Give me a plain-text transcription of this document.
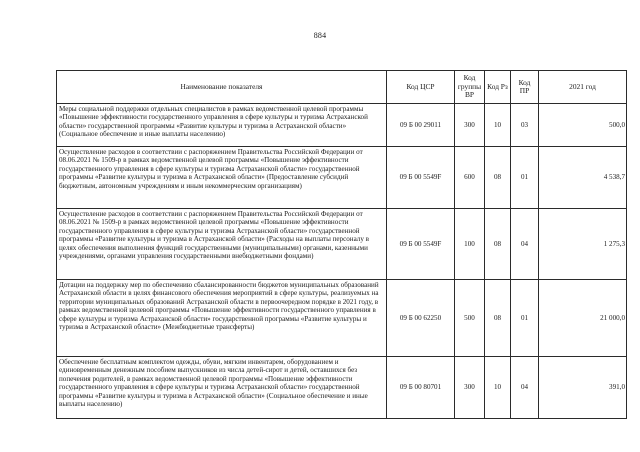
884
Наименование показателя	Код ЦСР	Код группы ВР	Код Рз	Код ПР	2021 год
Меры социальной поддержки отдельных специалистов в рамках ведомственной целевой программы «Повышение эффективности государственного управления в сфере культуры и туризма Астраханской области» государственной программы «Развитие культуры и туризма в Астраханской области» (Социальное обеспечение и иные выплаты населению)	09 Б 00 29011	300	10	03	500,0
Осуществление расходов в соответствии с распоряжением Правительства Российской Федерации от 08.06.2021 № 1509-р в рамках ведомственной целевой программы «Повышение эффективности государственного управления в сфере культуры и туризма Астраханской области» государственной программы «Развитие культуры и туризма в Астраханской области» (Предоставление субсидий бюджетным, автономным учреждениям и иным некоммерческим организациям)	09 Б 00 5549F	600	08	01	4 538,7
Осуществление расходов в соответствии с распоряжением Правительства Российской Федерации от 08.06.2021 № 1509-р в рамках ведомственной целевой программы «Повышение эффективности государственного управления в сфере культуры и туризма Астраханской области» государственной программы «Развитие культуры и туризма в Астраханской области» (Расходы на выплаты персоналу в целях обеспечения выполнения функций государственными (муниципальными) органами, казенными учреждениями, органами управления государственными внебюджетными фондами)	09 Б 00 5549F	100	08	04	1 275,3
Дотации на поддержку мер по обеспечению сбалансированности бюджетов муниципальных образований Астраханской области в целях финансового обеспечения мероприятий в сфере культуры, реализуемых на территории муниципальных образований Астраханской области в первоочередном порядке в 2021 году, в рамках ведомственной целевой программы «Повышение эффективности государственного управления в сфере культуры и туризма Астраханской области» государственной программы «Развитие культуры и туризма в Астраханской области» (Межбюджетные трансферты)	09 Б 00 62250	500	08	01	21 000,0
Обеспечение бесплатным комплектом одежды, обуви, мягким инвентарем, оборудованием и единовременным денежным пособием выпускников из числа детей-сирот и детей, оставшихся без попечения родителей, в рамках ведомственной целевой программы «Повышение эффективности государственного управления в сфере культуры и туризма Астраханской области» государственной программы «Развитие культуры и туризма в Астраханской области» (Социальное обеспечение и иные выплаты населению)	09 Б 00 80701	300	10	04	391,0
